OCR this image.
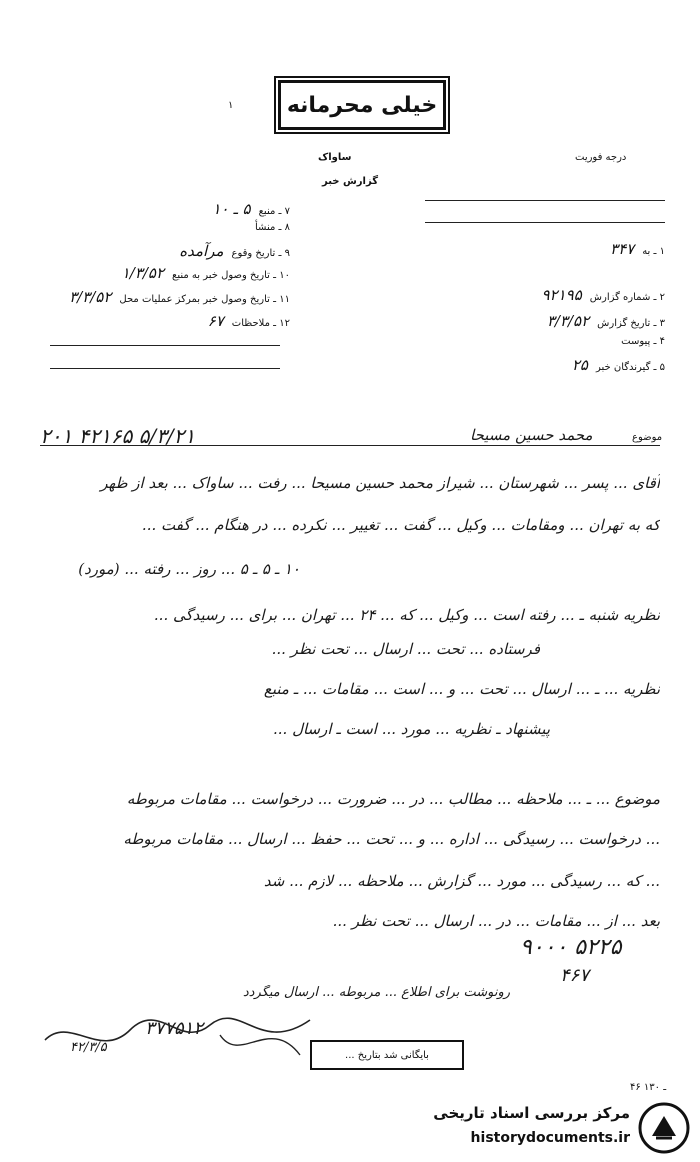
خیلی محرمانه
۱
درجه فوریت
ساواک
گزارش خبر
۷ ـ منبع
۵ ـ ۱۰
۸ ـ منشأ
۹ ـ تاریخ وقوع
مرآمده
۱۰ ـ تاریخ وصول خبر به منبع
۱/۳/۵۲
۱۱ ـ تاریخ وصول خبر بمرکز عملیات محل
۳/۳/۵۲
۱۲ ـ ملاحظات
۶۷
۱ ـ به
۳۴۷
۲ ـ شماره گزارش
۹۲۱۹۵
۳ ـ تاریخ گزارش
۳/۳/۵۲
۴ ـ پیوست
۵ ـ گیرندگان خبر
۲۵
موضوع
محمد حسین مسیحا
۵/۳/۲۱ ۴۲۱۶۵ ۲۰۱
آقای ... پسر ... شهرستان ... شیراز محمد حسین مسیحا ... رفت ... ساواک ... بعد از ظهر
که به تهران ... ومقامات ... وکیل ... گفت ... تغییر ... نکرده ... در هنگام ... گفت ...
۱۰ ـ ۵ ـ ۵ ... روز ... رفته ... (مورد)
نظریه شنبه ـ ... رفته است ... وکیل ... که ... ۲۴ ... تهران ... برای ... رسیدگی ...
فرستاده ... تحت ... ارسال ... تحت نظر ...
نظریه ... ـ ... ارسال ... تحت ... و ... است ... مقامات ... ـ منبع
پیشنهاد ـ نظریه ... مورد ... است ـ ارسال ...
موضوع ... ـ ... ملاحظه ... مطالب ... در ... ضرورت ... درخواست ... مقامات مربوطه
... درخواست ... رسیدگی ... اداره ... و ... تحت ... حفظ ... ارسال ... مقامات مربوطه
... که ... رسیدگی ... مورد ... گزارش ... ملاحظه ... لازم ... شد
بعد ... از ... مقامات ... در ... ارسال ... تحت نظر ...
۹۰۰۰ ۵۲۲۵
۴۶۷
رونوشت برای اطلاع ... مربوطه ... ارسال میگردد
۳۷۷۵۱۲
۴۲/۳/۵	بایگانی شد بتاریخ ...
۴۶ ـ ۱۳۰
مرکز بررسی اسناد تاریخی
historydocuments.ir
